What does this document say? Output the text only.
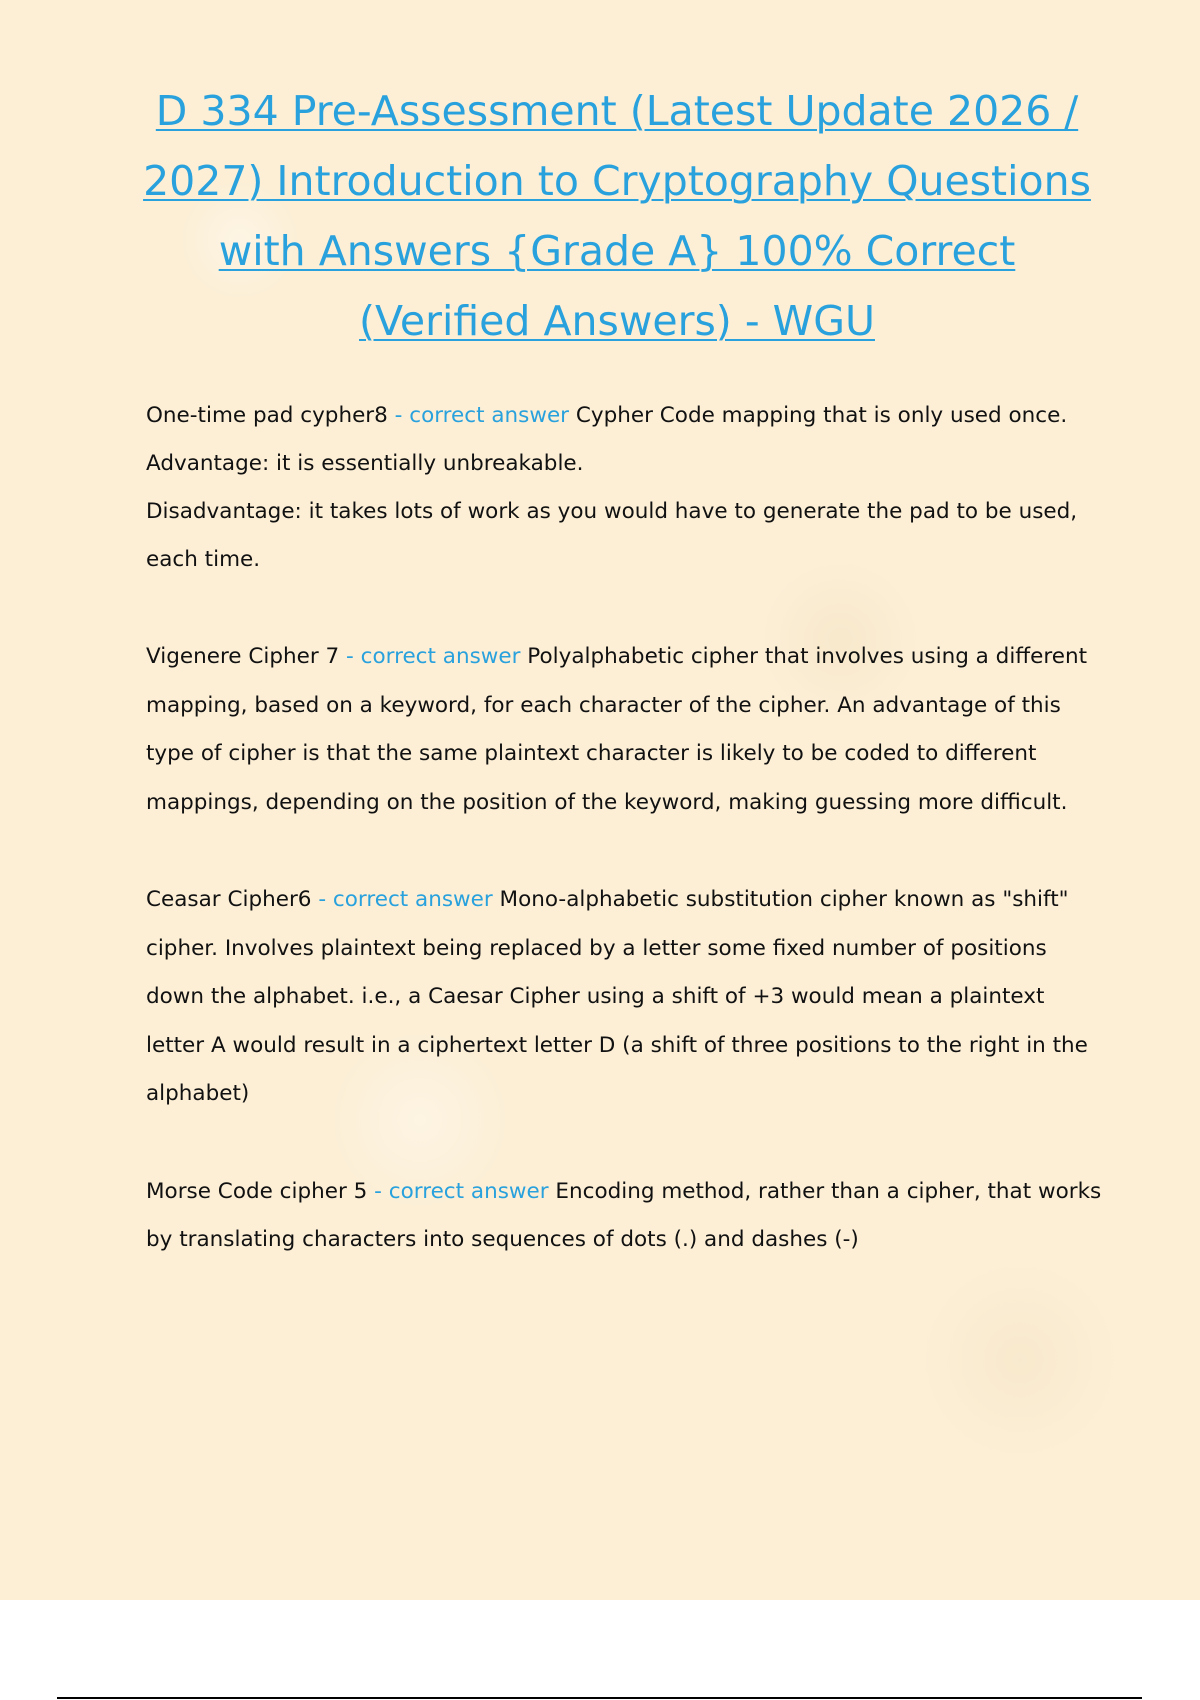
D 334 Pre-Assessment (Latest Update 2026 / 2027) Introduction to Cryptography Questions with Answers {Grade A} 100% Correct (Verified Answers) - WGU

One-time pad cypher8 - correct answer Cypher Code mapping that is only used once.
Advantage: it is essentially unbreakable.
Disadvantage: it takes lots of work as you would have to generate the pad to be used, each time.

Vigenere Cipher 7 - correct answer Polyalphabetic cipher that involves using a different mapping, based on a keyword, for each character of the cipher. An advantage of this type of cipher is that the same plaintext character is likely to be coded to different mappings, depending on the position of the keyword, making guessing more difficult.

Ceasar Cipher6 - correct answer Mono-alphabetic substitution cipher known as "shift" cipher. Involves plaintext being replaced by a letter some fixed number of positions down the alphabet. i.e., a Caesar Cipher using a shift of +3 would mean a plaintext letter A would result in a ciphertext letter D (a shift of three positions to the right in the alphabet)

Morse Code cipher 5 - correct answer Encoding method, rather than a cipher, that works by translating characters into sequences of dots (.) and dashes (-)
